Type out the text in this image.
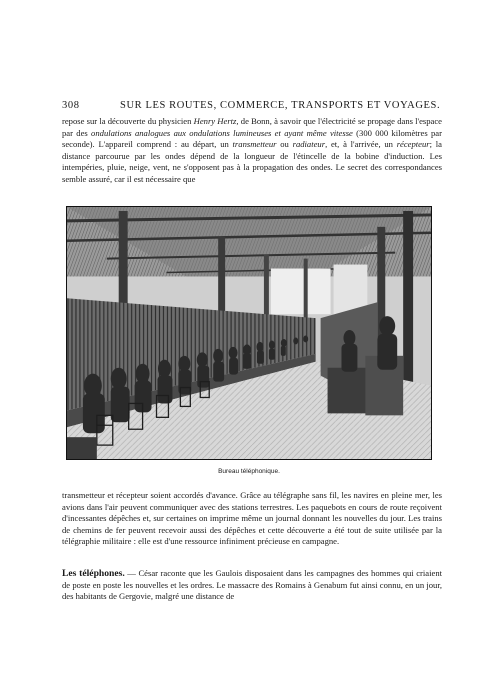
308	SUR LES ROUTES, COMMERCE, TRANSPORTS ET VOYAGES.
repose sur la découverte du physicien Henry Hertz, de Bonn, à savoir que l'électricité se propage dans l'espace par des ondulations analogues aux ondulations lumineuses et ayant même vitesse (300 000 kilomètres par seconde). L'appareil comprend : au départ, un transmetteur ou radiateur, et, à l'arrivée, un récepteur; la distance parcourue par les ondes dépend de la longueur de l'étincelle de la bobine d'induction. Les intempéries, pluie, neige, vent, ne s'opposent pas à la propagation des ondes. Le secret des correspondances semble assuré, car il est nécessaire que
Bureau téléphonique.
transmetteur et récepteur soient accordés d'avance. Grâce au télégraphe sans fil, les navires en pleine mer, les avions dans l'air peuvent communiquer avec des stations terrestres. Les paquebots en cours de route reçoivent d'incessantes dépêches et, sur certaines on imprime même un journal donnant les nouvelles du jour. Les trains de chemins de fer peuvent recevoir aussi des dépêches et cette découverte a été tout de suite utilisée par la télégraphie militaire : elle est d'une ressource infiniment précieuse en campagne.
Les téléphones. — César raconte que les Gaulois disposaient dans les campagnes des hommes qui criaient de poste en poste les nouvelles et les ordres. Le massacre des Romains à Genabum fut ainsi connu, en un jour, des habitants de Gergovie, malgré une distance de
